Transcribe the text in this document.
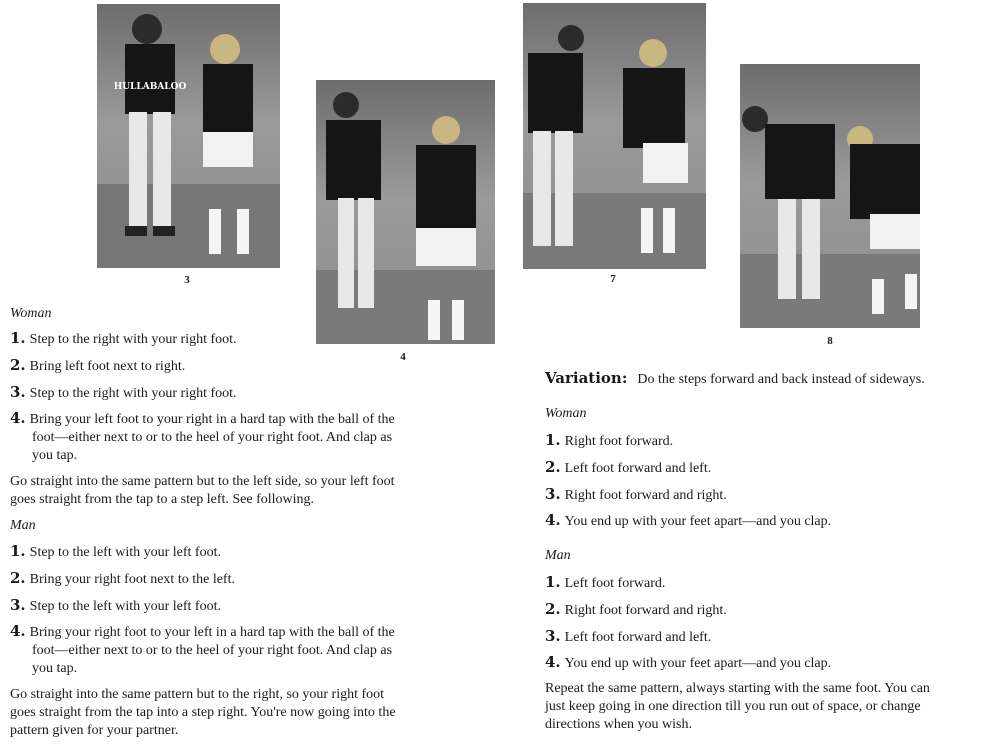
HULLABALOO
3
4
7
8
Woman
1. Step to the right with your right foot.
2. Bring left foot next to right.
3. Step to the right with your right foot.
4. Bring your left foot to your right in a hard tap with the ball of the
foot—either next to or to the heel of your right foot. And clap as
you tap.
Go straight into the same pattern but to the left side, so your left foot
goes straight from the tap to a step left. See following.
Man
1. Step to the left with your left foot.
2. Bring your right foot next to the left.
3. Step to the left with your left foot.
4. Bring your right foot to your left in a hard tap with the ball of the
foot—either next to or to the heel of your right foot. And clap as
you tap.
Go straight into the same pattern but to the right, so your right foot
goes straight from the tap into a step right. You're now going into the
pattern given for your partner.
Variation: Do the steps forward and back instead of sideways.
Woman
1. Right foot forward.
2. Left foot forward and left.
3. Right foot forward and right.
4. You end up with your feet apart—and you clap.
Man
1. Left foot forward.
2. Right foot forward and right.
3. Left foot forward and left.
4. You end up with your feet apart—and you clap.
Repeat the same pattern, always starting with the same foot. You can
just keep going in one direction till you run out of space, or change
directions when you wish.
